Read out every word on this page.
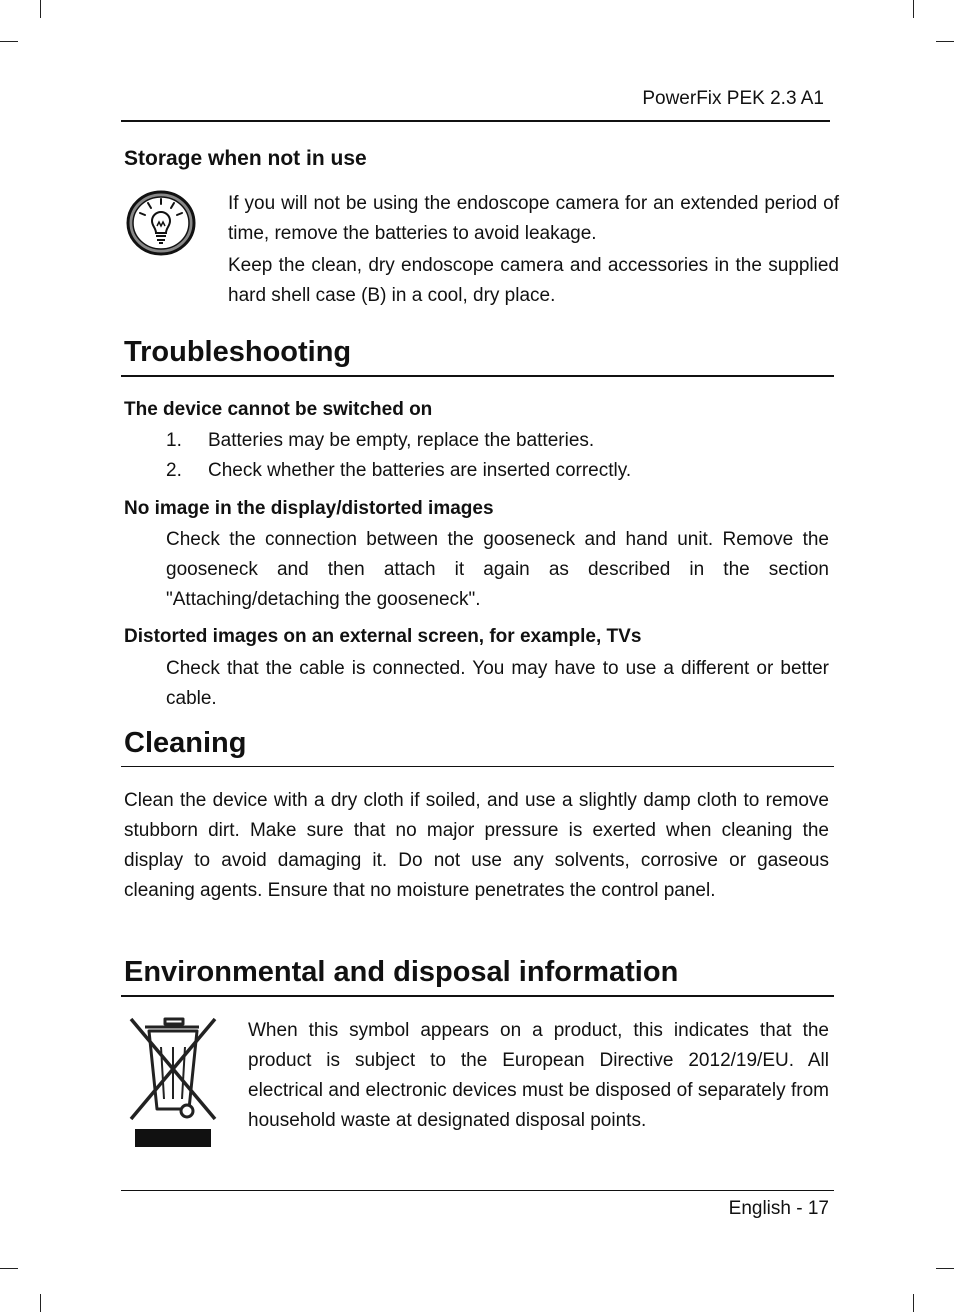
PowerFix PEK 2.3 A1
Storage when not in use
If you will not be using the endoscope camera for an extended period of time, remove the batteries to avoid leakage.
Keep the clean, dry endoscope camera and accessories in the supplied hard shell case (B) in a cool, dry place.
Troubleshooting
The device cannot be switched on
1. Batteries may be empty, replace the batteries.
2. Check whether the batteries are inserted correctly.
No image in the display/distorted images
Check the connection between the gooseneck and hand unit. Remove the gooseneck and then attach it again as described in the section "Attaching/detaching the gooseneck".
Distorted images on an external screen, for example, TVs
Check that the cable is connected. You may have to use a different or better cable.
Cleaning
Clean the device with a dry cloth if soiled, and use a slightly damp cloth to remove stubborn dirt. Make sure that no major pressure is exerted when cleaning the display to avoid damaging it. Do not use any solvents, corrosive or gaseous cleaning agents. Ensure that no moisture penetrates the control panel.
Environmental and disposal information
When this symbol appears on a product, this indicates that the product is subject to the European Directive 2012/19/EU. All electrical and electronic devices must be disposed of separately from household waste at designated disposal points.
English - 17
